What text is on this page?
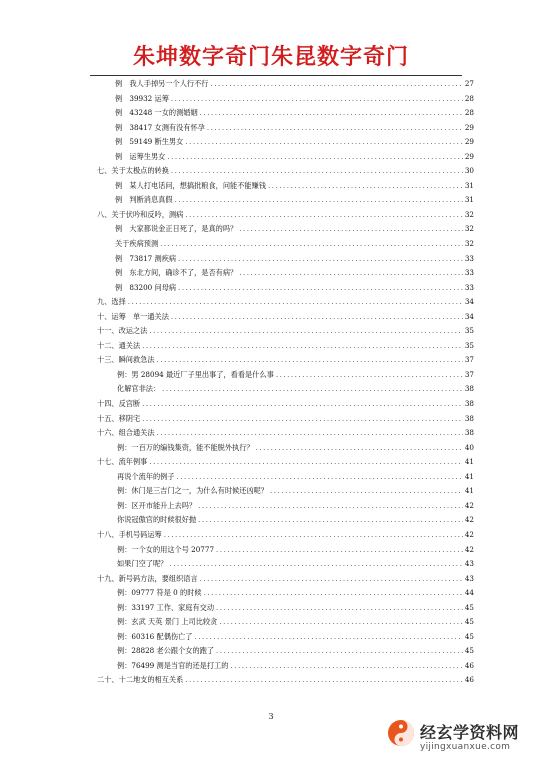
朱坤数字奇门朱昆数字奇门
例　我人手掉另一个人行不行 . . .	27
例　39932 运筹 . . .	28
例　43248 一女的测婚姻 . . .	28
例　38417 女测有没有怀孕 . . .	29
例　59149 断生男女 . . .	29
例　运筹生男女 . . .	29
七、关于太极点的转换 . . .	30
例　某人打电话问，想搞批粮食，问能不能赚钱 . . .	31
例　判断消息真假 . . .	31
八、关于伏吟和反吟，测病 . . .	32
例　大家都说金正日死了，是真的吗？ . . .	32
关于疾病预测 . . .	32
例　73817 测疾病 . . .	33
例　东北方间，确诊不了，是否有病？ . . .	33
例　83200 问母病 . . .	33
九、选择 . . .	34
十、运筹　单一通关法 . . .	34
十一、改运之法 . . .	35
十二、通关法 . . .	35
十三、瞬间救急法 . . .	37
例：男 28094 最近厂子里出事了，看看是什么事 . . .	37
化解官非法： . . .	38
十四、反宫断 . . .	38
十五、移阴宅 . . .	38
十六、组合通关法 . . .	38
例：一百万的编钱集资，能不能脱外执行？ . . .	40
十七、流年例事 . . .	41
再说个流年的例子 . . .	41
例：休门是三吉门之一，为什么有时候还凶呢？ . . .	41
例：区开市能升上去吗？ . . .	42
你说冠傲官的时候很好抛 . . .	42
十八、手机号码运筹 . . .	42
例：一个女的用这个号 20777 . . .	42
如果门空了呢？ . . .	43
十九、新号码方法，要组织语言 . . .	43
例：09777 符是 0 的时候 . . .	44
例：33197 工作、家庭有交动 . . .	45
例：玄武 天英 景门 上司比较贪 . . .	45
例：60316 配偶伤亡了 . . .	45
例：28828 老公跟个女的跑了 . . .	45
例：76499 测是当官的还是打工的 . . .	46
二十、十二地支的相互关系 . . .	46
3
经玄学资料网
yijingxuanxue.com
